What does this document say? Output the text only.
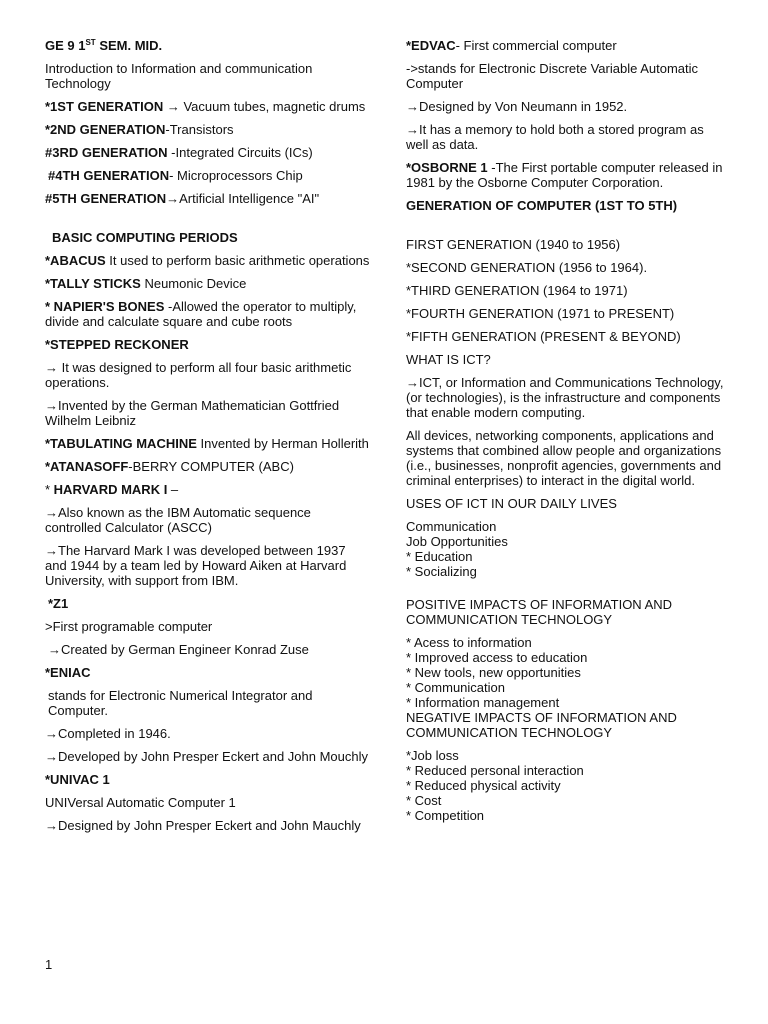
GE 9 1ST SEM. MID.
Introduction to Information and communication Technology
*1ST GENERATION → Vacuum tubes, magnetic drums
*2ND GENERATION-Transistors
#3RD GENERATION -Integrated Circuits (ICs)
#4TH GENERATION- Microprocessors Chip
#5TH GENERATION→Artificial Intelligence "AI"
BASIC COMPUTING PERIODS
*ABACUS It used to perform basic arithmetic operations
*TALLY STICKS Neumonic Device
* NAPIER'S BONES -Allowed the operator to multiply, divide and calculate square and cube roots
*STEPPED RECKONER
→ It was designed to perform all four basic arithmetic operations.
→Invented by the German Mathematician Gottfried Wilhelm Leibniz
*TABULATING MACHINE Invented by Herman Hollerith
*ATANASOFF-BERRY COMPUTER (ABC)
* HARVARD MARK I –
→Also known as the IBM Automatic sequence controlled Calculator (ASCC)
→The Harvard Mark I was developed between 1937 and 1944 by a team led by Howard Aiken at Harvard University, with support from IBM.
*Z1
>First programable computer
→Created by German Engineer Konrad Zuse
*ENIAC
stands for Electronic Numerical Integrator and Computer.
→Completed in 1946.
→Developed by John Presper Eckert and John Mouchly
*UNIVAC 1
UNIVersal Automatic Computer 1
→Designed by John Presper Eckert and John Mauchly
*EDVAC- First commercial computer
->stands for Electronic Discrete Variable Automatic Computer
→Designed by Von Neumann in 1952.
→It has a memory to hold both a stored program as well as data.
*OSBORNE 1 -The First portable computer released in 1981 by the Osborne Computer Corporation.
GENERATION OF COMPUTER (1ST TO 5TH)
FIRST GENERATION (1940 to 1956)
*SECOND GENERATION (1956 to 1964).
*THIRD GENERATION (1964 to 1971)
*FOURTH GENERATION (1971 to PRESENT)
*FIFTH GENERATION (PRESENT & BEYOND)
WHAT IS ICT?
→ICT, or Information and Communications Technology, (or technologies), is the infrastructure and components that enable modern computing.
All devices, networking components, applications and systems that combined allow people and organizations (i.e., businesses, nonprofit agencies, governments and criminal enterprises) to interact in the digital world.
USES OF ICT IN OUR DAILY LIVES
Communication
Job Opportunities
* Education
* Socializing
POSITIVE IMPACTS OF INFORMATION AND COMMUNICATION TECHNOLOGY
* Acess to information
* Improved access to education
* New tools, new opportunities
* Communication
* Information management
NEGATIVE IMPACTS OF INFORMATION AND COMMUNICATION TECHNOLOGY
*Job loss
* Reduced personal interaction
* Reduced physical activity
* Cost
* Competition
1
